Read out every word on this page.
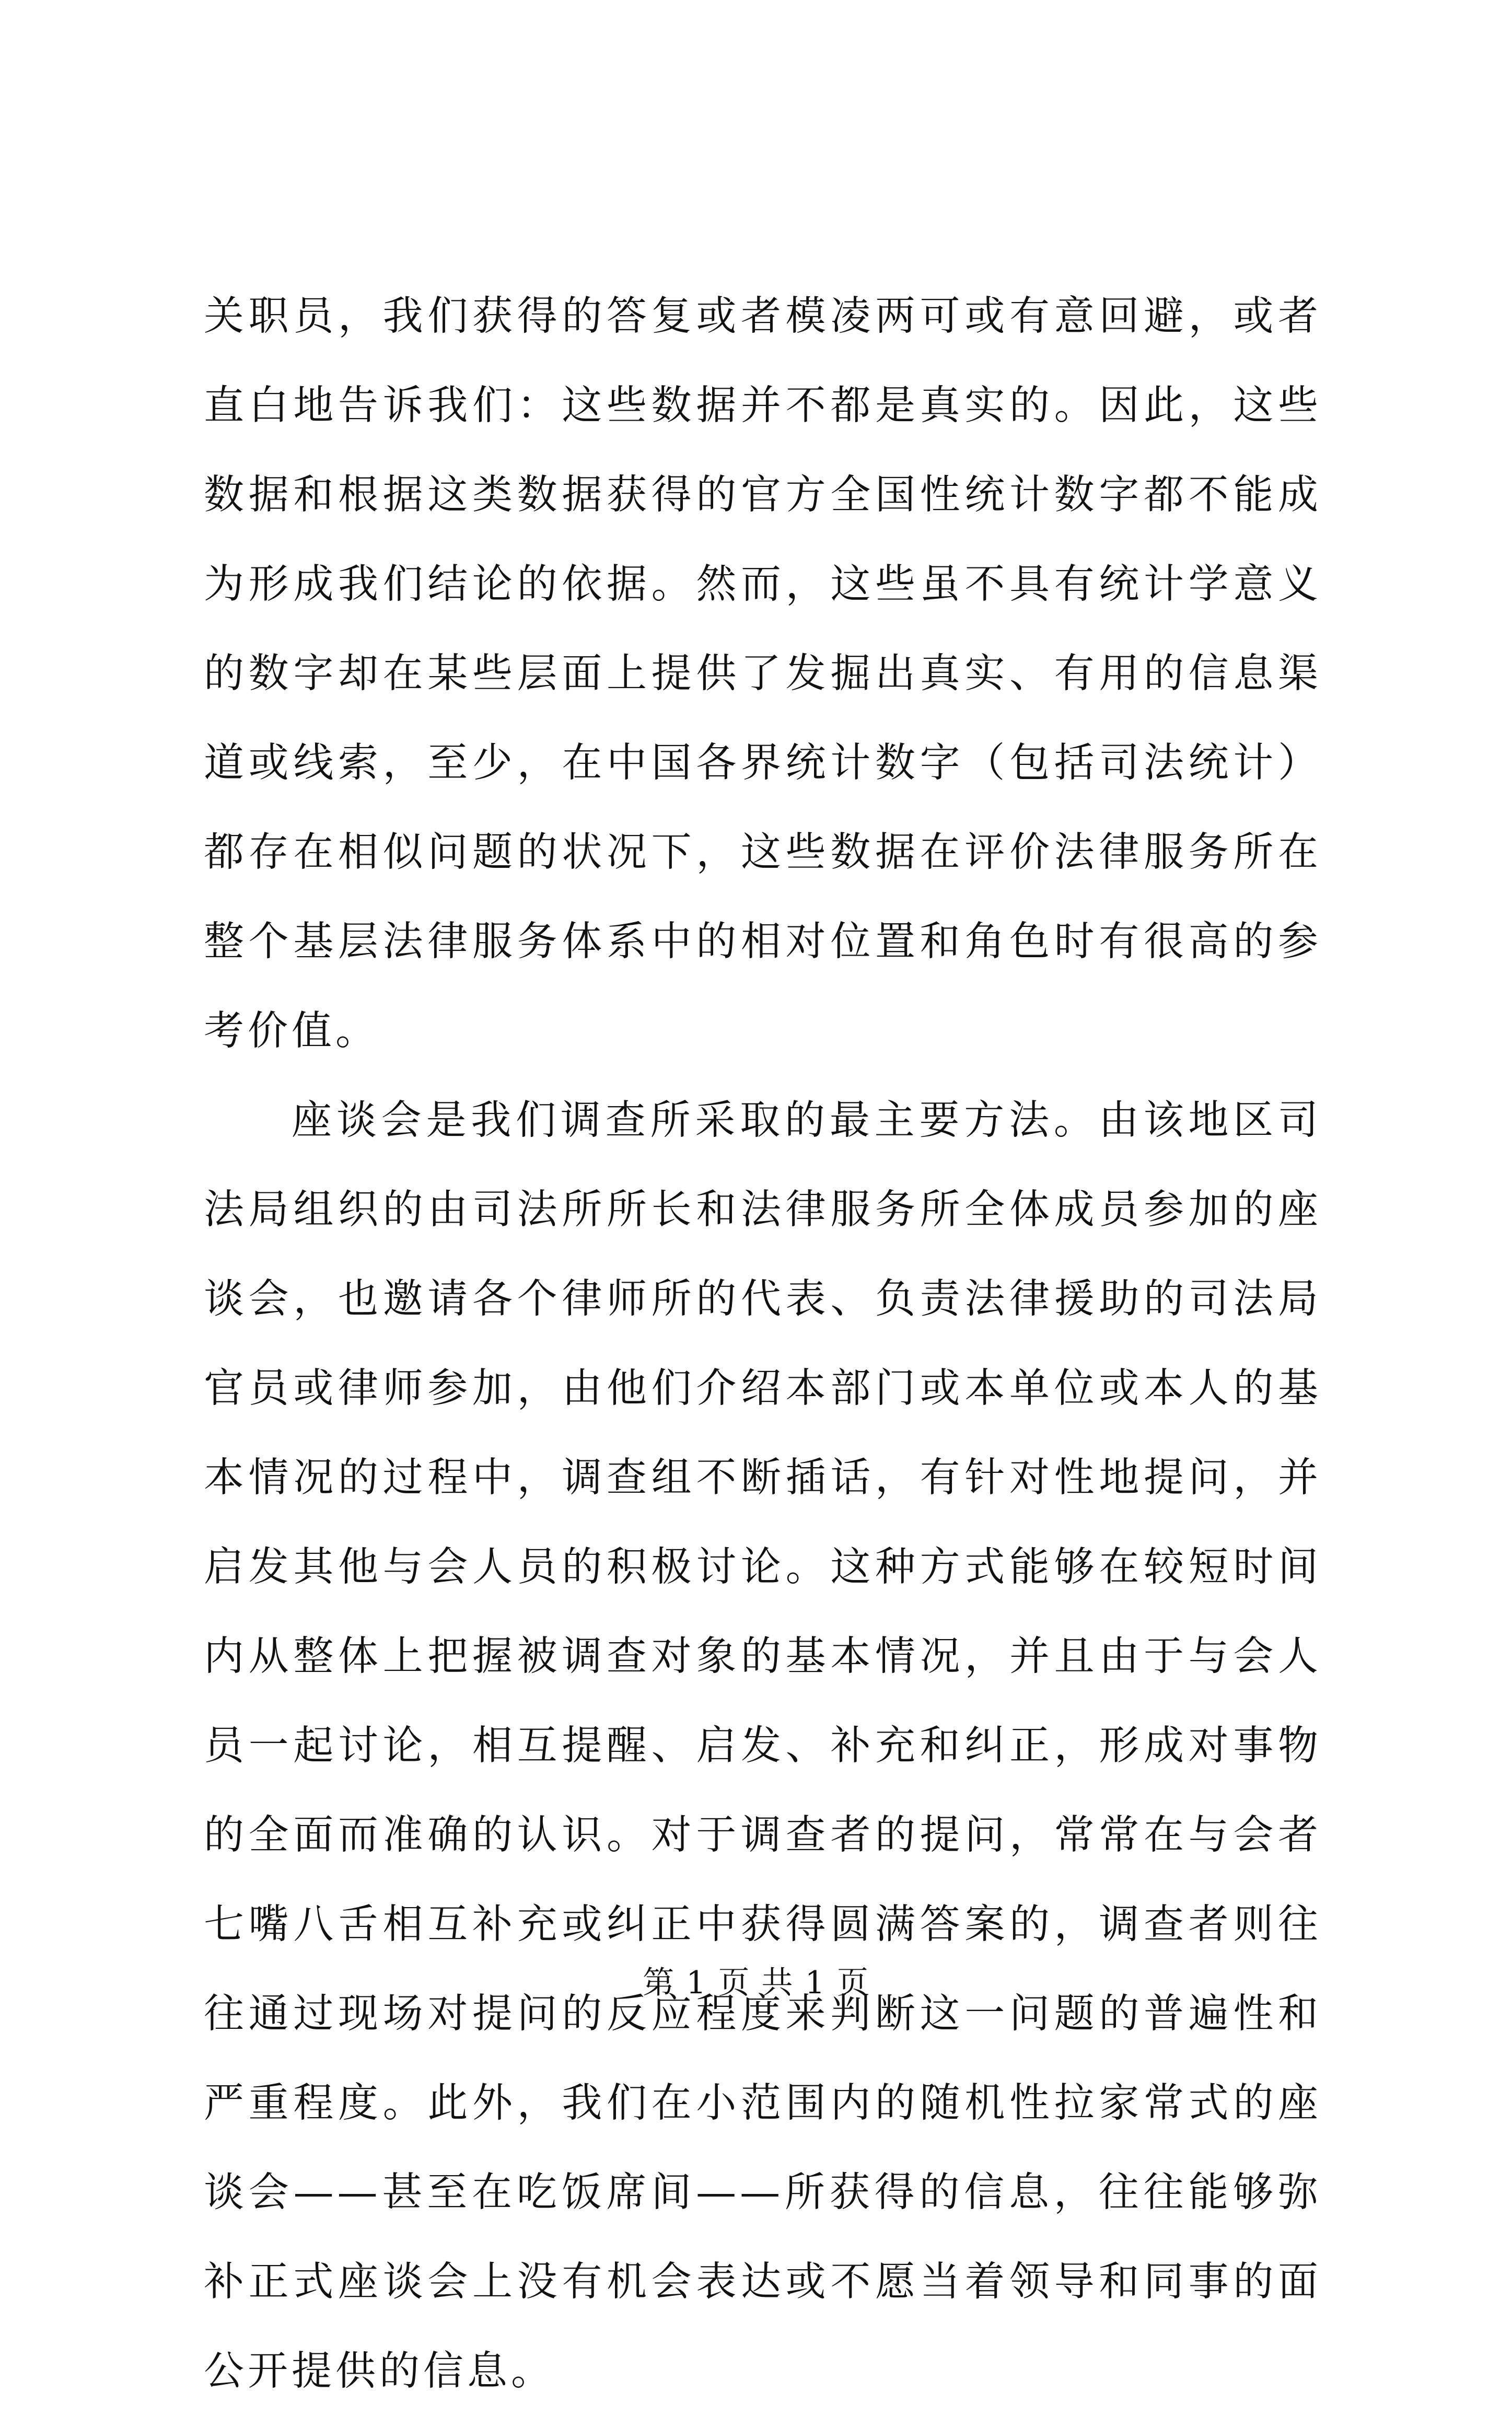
关职员，我们获得的答复或者模凌两可或有意回避，或者直白地告诉我们：这些数据并不都是真实的。因此，这些数据和根据这类数据获得的官方全国性统计数字都不能成为形成我们结论的依据。然而，这些虽不具有统计学意义的数字却在某些层面上提供了发掘出真实、有用的信息渠道或线索，至少，在中国各界统计数字（包括司法统计）都存在相似问题的状况下，这些数据在评价法律服务所在整个基层法律服务体系中的相对位置和角色时有很高的参考价值。

座谈会是我们调查所采取的最主要方法。由该地区司法局组织的由司法所所长和法律服务所全体成员参加的座谈会，也邀请各个律师所的代表、负责法律援助的司法局官员或律师参加，由他们介绍本部门或本单位或本人的基本情况的过程中，调查组不断插话，有针对性地提问，并启发其他与会人员的积极讨论。这种方式能够在较短时间内从整体上把握被调查对象的基本情况，并且由于与会人员一起讨论，相互提醒、启发、补充和纠正，形成对事物的全面而准确的认识。对于调查者的提问，常常在与会者七嘴八舌相互补充或纠正中获得圆满答案的，调查者则往往通过现场对提问的反应程度来判断这一问题的普遍性和严重程度。此外，我们在小范围内的随机性拉家常式的座谈会——甚至在吃饭席间——所获得的信息，往往能够弥补正式座谈会上没有机会表达或不愿当着领导和同事的面公开提供的信息。

第 1 页 共 1 页
